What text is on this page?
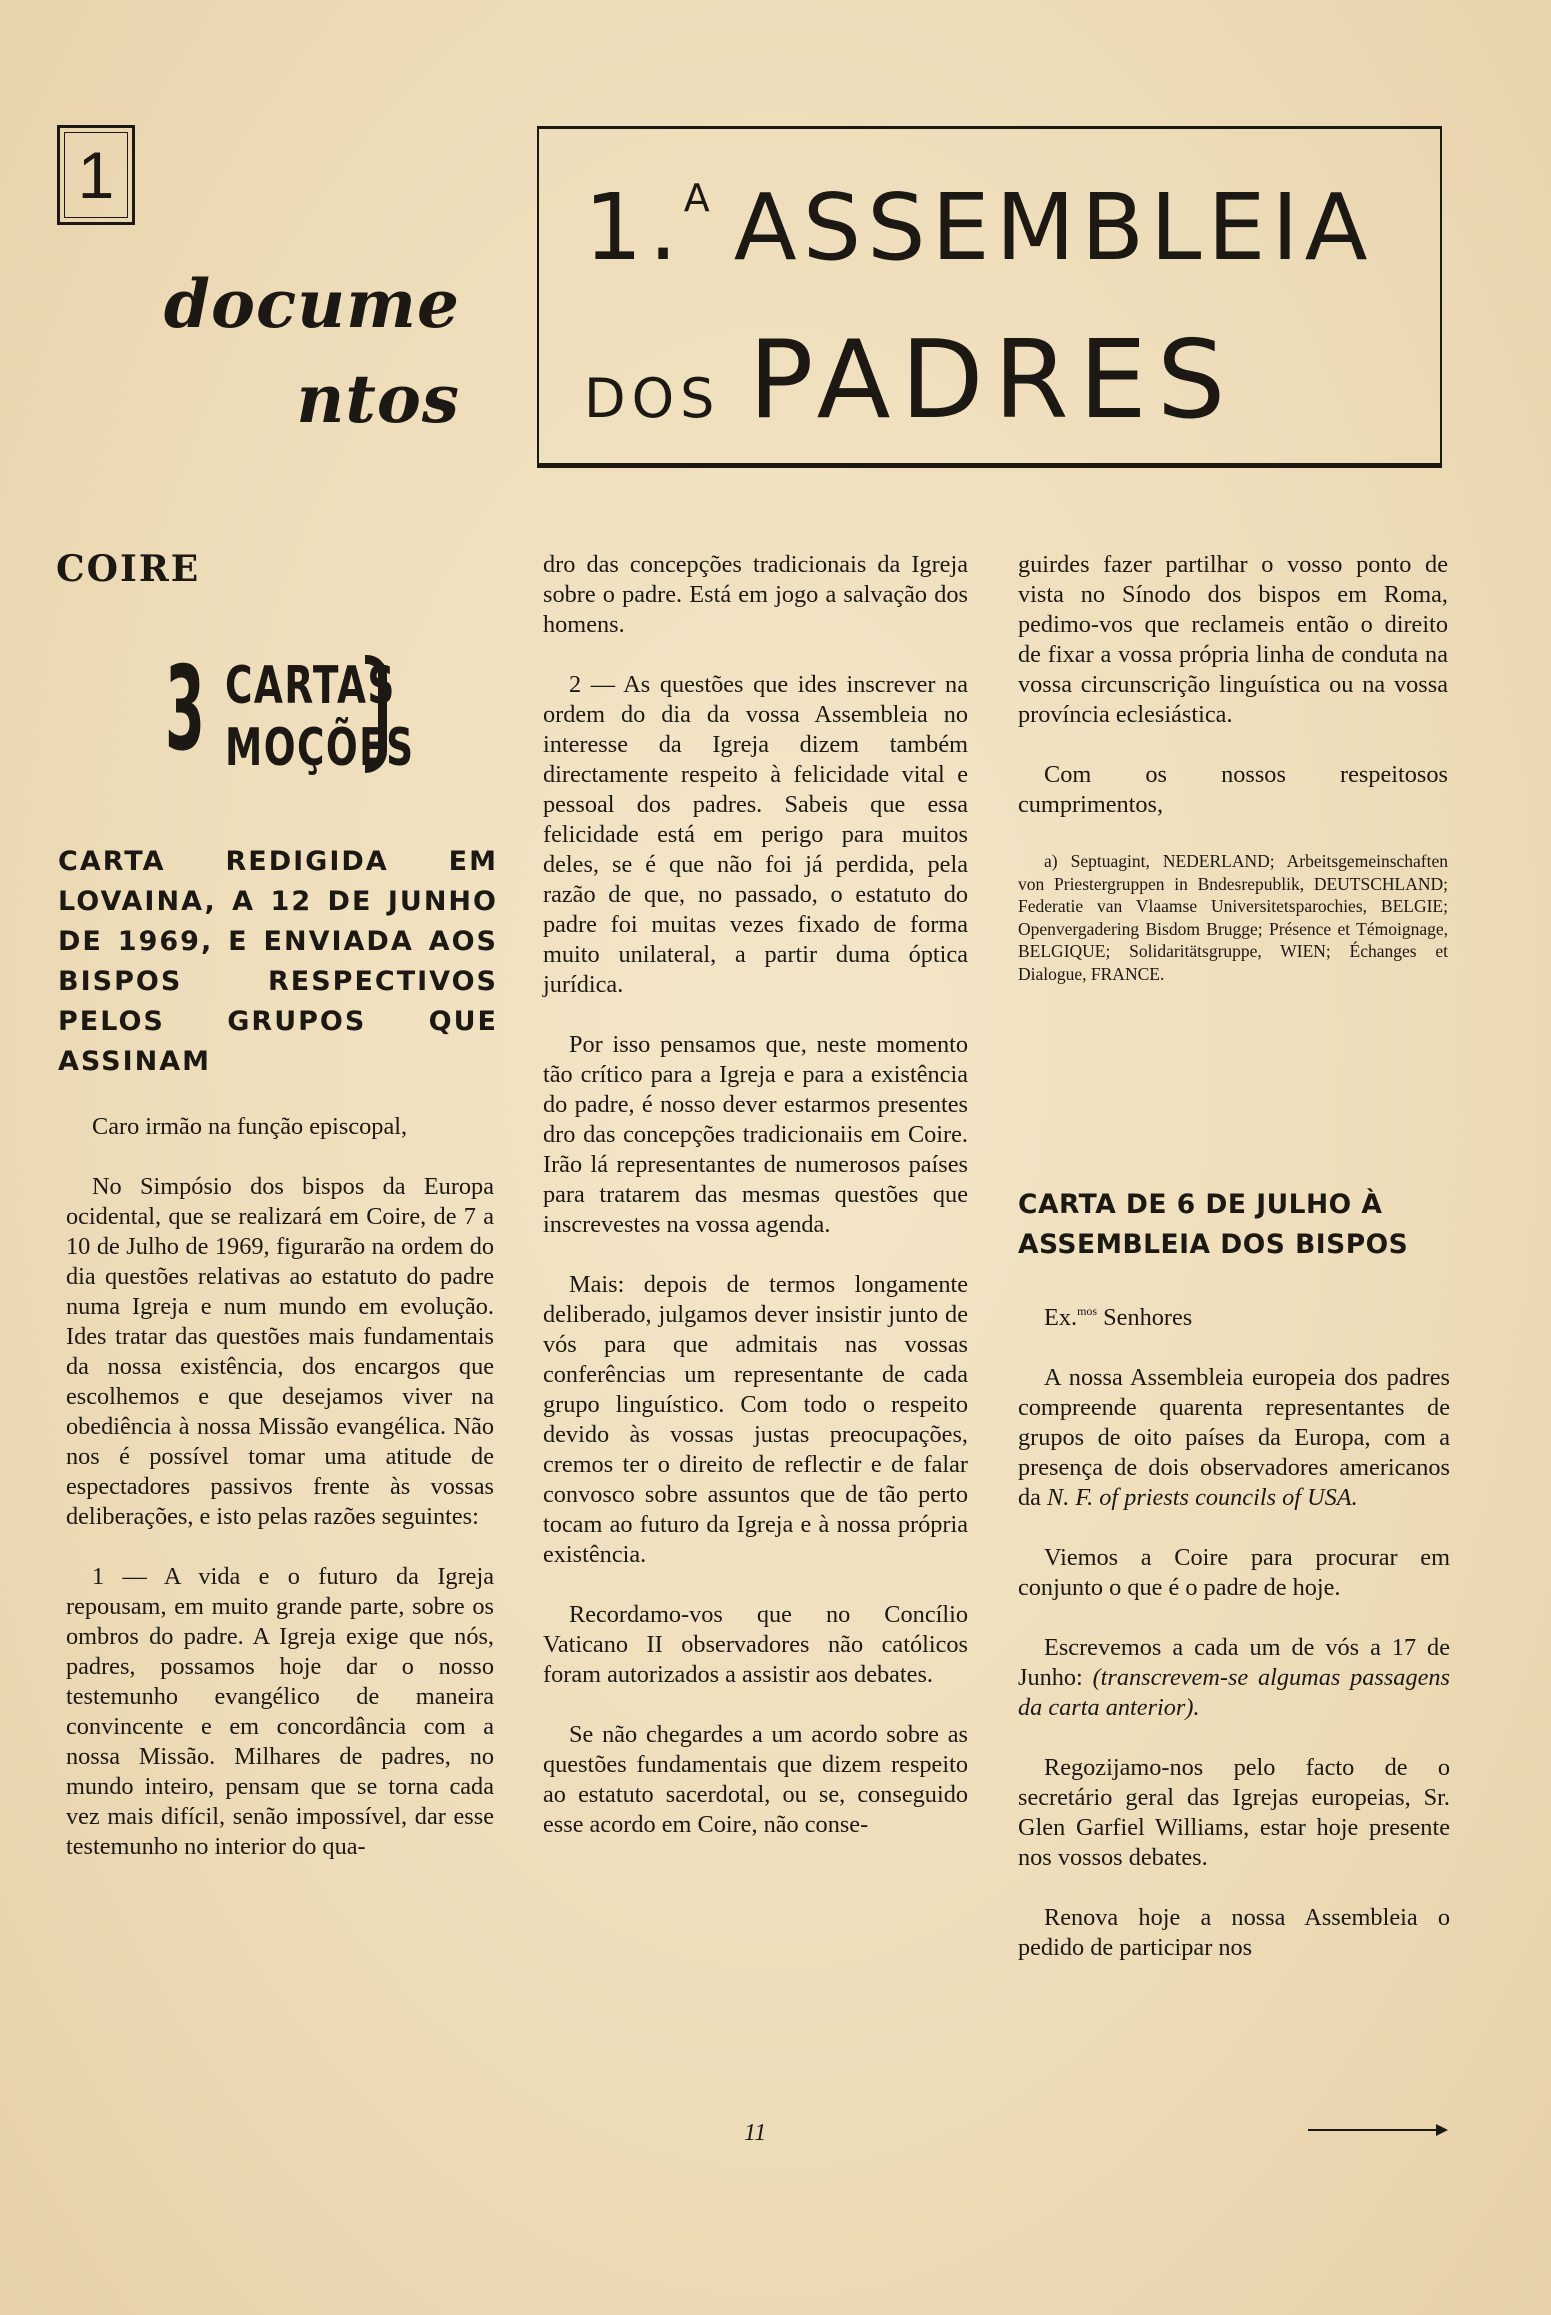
1
docume
ntos
1.$^A$ ASSEMBLEIA
DOS PADRES
COIRE
3 CARTAS
MOÇÕES
CARTA REDIGIDA EM LOVAINA, A 12 DE JUNHO DE 1969, E ENVIADA AOS BISPOS RESPECTIVOS PELOS GRUPOS QUE ASSINAM

Caro irmão na função episcopal,

No Simpósio dos bispos da Europa ocidental, que se realizará em Coire, de 7 a 10 de Julho de 1969, figurarão na ordem do dia questões relativas ao estatuto do padre numa Igreja e num mundo em evolução. Ides tratar das questões mais fundamentais da nossa existência, dos encargos que escolhemos e que desejamos viver na obediência à nossa Missão evangélica. Não nos é possível tomar uma atitude de espectadores passivos frente às vossas deliberações, e isto pelas razões seguintes:

1 — A vida e o futuro da Igreja repousam, em muito grande parte, sobre os ombros do padre. A Igreja exige que nós, padres, possamos hoje dar o nosso testemunho evangélico de maneira convincente e em concordância com a nossa Missão. Milhares de padres, no mundo inteiro, pensam que se torna cada vez mais difícil, senão impossível, dar esse testemunho no interior do qua-

dro das concepções tradicionais da Igreja sobre o padre. Está em jogo a salvação dos homens.

2 — As questões que ides inscrever na ordem do dia da vossa Assembleia no interesse da Igreja dizem também directamente respeito à felicidade vital e pessoal dos padres. Sabeis que essa felicidade está em perigo para muitos deles, se é que não foi já perdida, pela razão de que, no passado, o estatuto do padre foi muitas vezes fixado de forma muito unilateral, a partir duma óptica jurídica.

Por isso pensamos que, neste momento tão crítico para a Igreja e para a existência do padre, é nosso dever estarmos presentes dro das concepções tradicionaiis em Coire. Irão lá representantes de numerosos países para tratarem das mesmas questões que inscrevestes na vossa agenda.

Mais: depois de termos longamente deliberado, julgamos dever insistir junto de vós para que admitais nas vossas conferências um representante de cada grupo linguístico. Com todo o respeito devido às vossas justas preocupações, cremos ter o direito de reflectir e de falar convosco sobre assuntos que de tão perto tocam ao futuro da Igreja e à nossa própria existência.

Recordamo-vos que no Concílio Vaticano II observadores não católicos foram autorizados a assistir aos debates.

Se não chegardes a um acordo sobre as questões fundamentais que dizem respeito ao estatuto sacerdotal, ou se, conseguido esse acordo em Coire, não conse-

guirdes fazer partilhar o vosso ponto de vista no Sínodo dos bispos em Roma, pedimo-vos que reclameis então o direito de fixar a vossa própria linha de conduta na vossa circunscrição linguística ou na vossa província eclesiástica.

Com os nossos respeitosos cumprimentos,

a) Septuagint, NEDERLAND; Arbeitsgemeinschaften von Priestergruppen in Bndesrepublik, DEUTSCHLAND; Federatie van Vlaamse Universitetsparochies, BELGIE; Openvergadering Bisdom Brugge; Présence et Témoignage, BELGIQUE; Solidaritätsgruppe, WIEN; Échanges et Dialogue, FRANCE.

CARTA DE 6 DE JULHO À ASSEMBLEIA DOS BISPOS

Ex.$^{mos}$ Senhores

A nossa Assembleia europeia dos padres compreende quarenta representantes de grupos de oito países da Europa, com a presença de dois observadores americanos da N. F. of priests councils of USA.

Viemos a Coire para procurar em conjunto o que é o padre de hoje.

Escrevemos a cada um de vós a 17 de Junho: (transcrevem-se algumas passagens da carta anterior).

Regozijamo-nos pelo facto de o secretário geral das Igrejas europeias, Sr. Glen Garfiel Williams, estar hoje presente nos vossos debates.

Renova hoje a nossa Assembleia o pedido de participar nos

11
